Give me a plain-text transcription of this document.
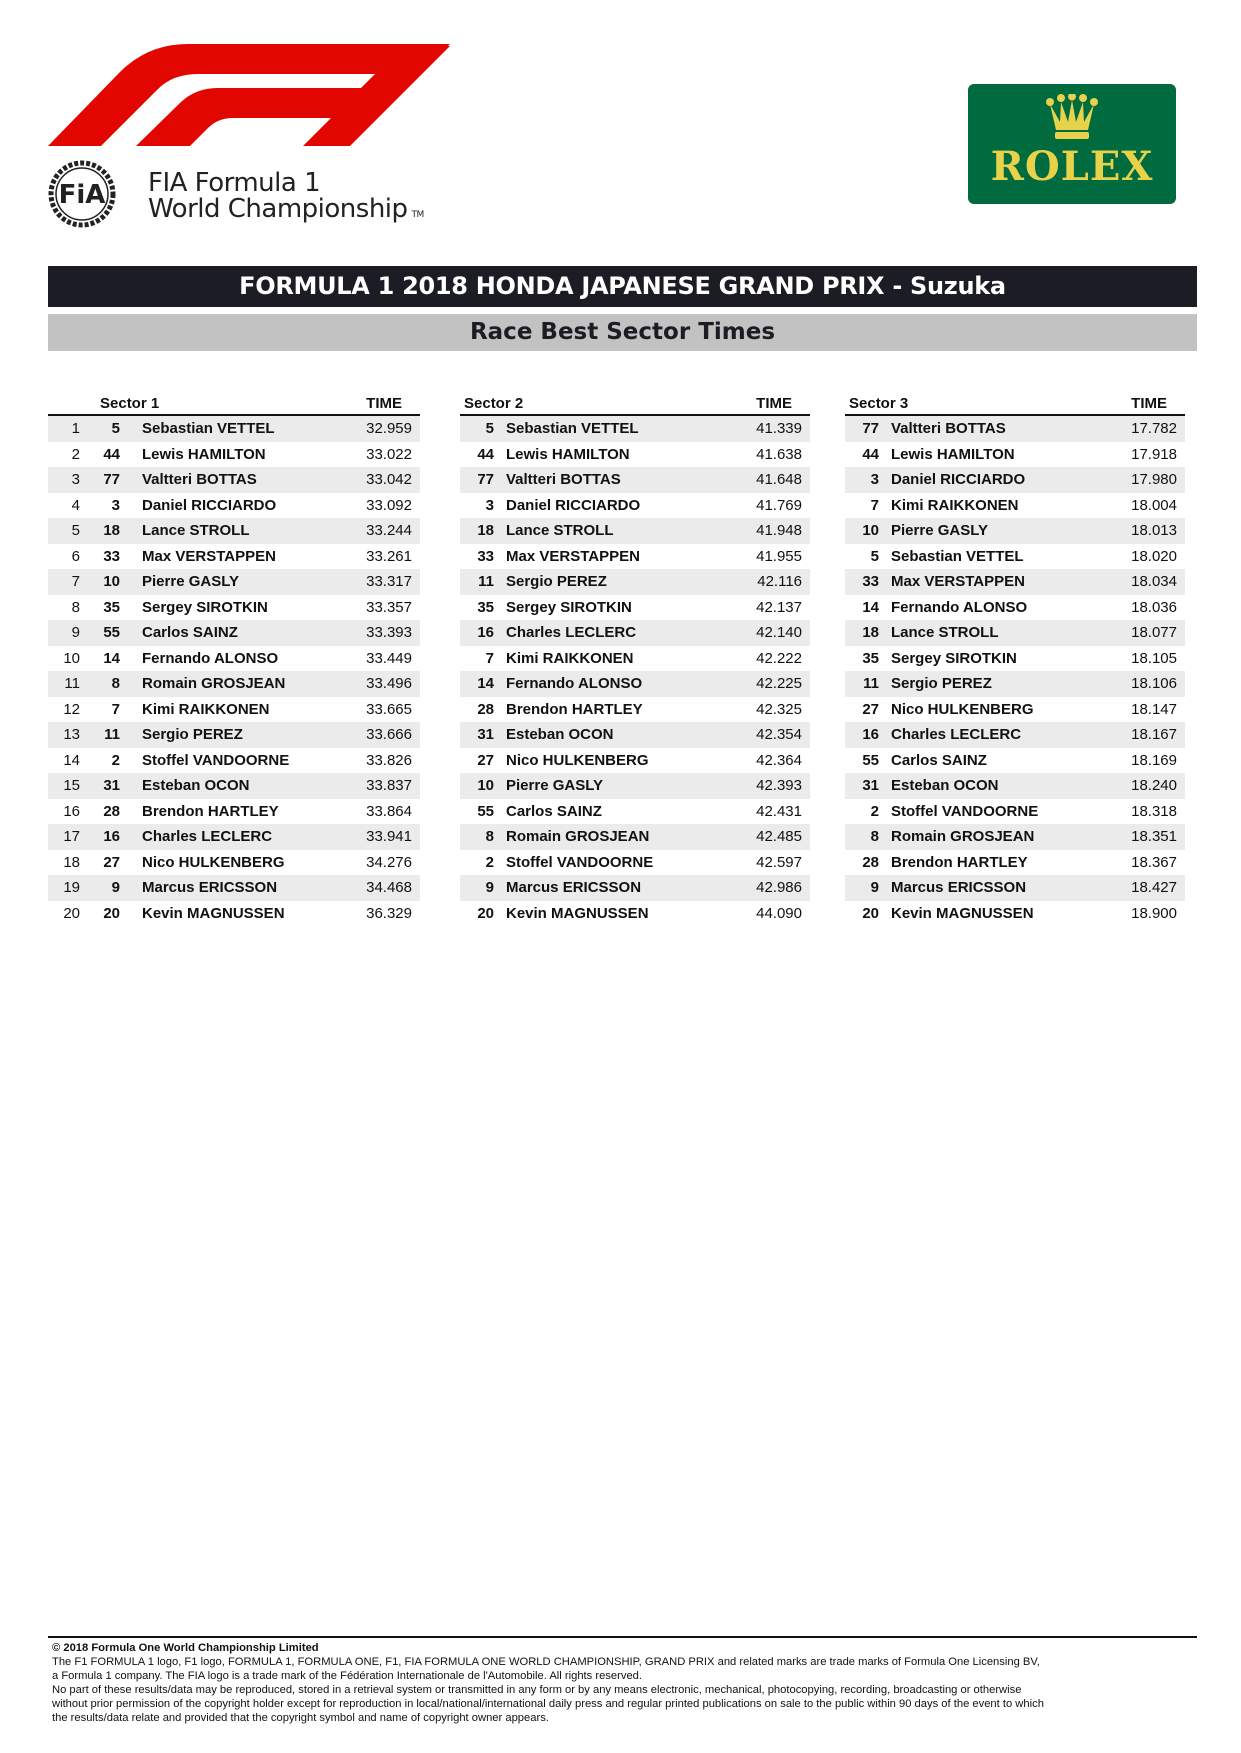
FiA FIA Formula 1
World Championship TM
ROLEX
FORMULA 1 2018 HONDA JAPANESE GRAND PRIX - Suzuka
Race Best Sector Times
Sector 1	TIME
1	5 Sebastian VETTEL	32.959
2	44 Lewis HAMILTON	33.022
3	77 Valtteri BOTTAS	33.042
4	3 Daniel RICCIARDO	33.092
5	18 Lance STROLL	33.244
6	33 Max VERSTAPPEN	33.261
7	10 Pierre GASLY	33.317
8	35 Sergey SIROTKIN	33.357
9	55 Carlos SAINZ	33.393
10	14 Fernando ALONSO	33.449
11	8 Romain GROSJEAN	33.496
12	7 Kimi RAIKKONEN	33.665
13	11 Sergio PEREZ	33.666
14	2 Stoffel VANDOORNE	33.826
15	31 Esteban OCON	33.837
16	28 Brendon HARTLEY	33.864
17	16 Charles LECLERC	33.941
18	27 Nico HULKENBERG	34.276
19	9 Marcus ERICSSON	34.468
20	20 Kevin MAGNUSSEN	36.329
Sector 2	TIME
5 Sebastian VETTEL	41.339
44 Lewis HAMILTON	41.638
77 Valtteri BOTTAS	41.648
3 Daniel RICCIARDO	41.769
18 Lance STROLL	41.948
33 Max VERSTAPPEN	41.955
11 Sergio PEREZ	42.116
35 Sergey SIROTKIN	42.137
16 Charles LECLERC	42.140
7 Kimi RAIKKONEN	42.222
14 Fernando ALONSO	42.225
28 Brendon HARTLEY	42.325
31 Esteban OCON	42.354
27 Nico HULKENBERG	42.364
10 Pierre GASLY	42.393
55 Carlos SAINZ	42.431
8 Romain GROSJEAN	42.485
2 Stoffel VANDOORNE	42.597
9 Marcus ERICSSON	42.986
20 Kevin MAGNUSSEN	44.090
Sector 3	TIME
77 Valtteri BOTTAS	17.782
44 Lewis HAMILTON	17.918
3 Daniel RICCIARDO	17.980
7 Kimi RAIKKONEN	18.004
10 Pierre GASLY	18.013
5 Sebastian VETTEL	18.020
33 Max VERSTAPPEN	18.034
14 Fernando ALONSO	18.036
18 Lance STROLL	18.077
35 Sergey SIROTKIN	18.105
11 Sergio PEREZ	18.106
27 Nico HULKENBERG	18.147
16 Charles LECLERC	18.167
55 Carlos SAINZ	18.169
31 Esteban OCON	18.240
2 Stoffel VANDOORNE	18.318
8 Romain GROSJEAN	18.351
28 Brendon HARTLEY	18.367
9 Marcus ERICSSON	18.427
20 Kevin MAGNUSSEN	18.900
© 2018 Formula One World Championship Limited
The F1 FORMULA 1 logo, F1 logo, FORMULA 1, FORMULA ONE, F1, FIA FORMULA ONE WORLD CHAMPIONSHIP, GRAND PRIX and related marks are trade marks of Formula One Licensing BV,
a Formula 1 company. The FIA logo is a trade mark of the Fédération Internationale de l'Automobile. All rights reserved.
No part of these results/data may be reproduced, stored in a retrieval system or transmitted in any form or by any means electronic, mechanical, photocopying, recording, broadcasting or otherwise
without prior permission of the copyright holder except for reproduction in local/national/international daily press and regular printed publications on sale to the public within 90 days of the event to which
the results/data relate and provided that the copyright symbol and name of copyright owner appears.
